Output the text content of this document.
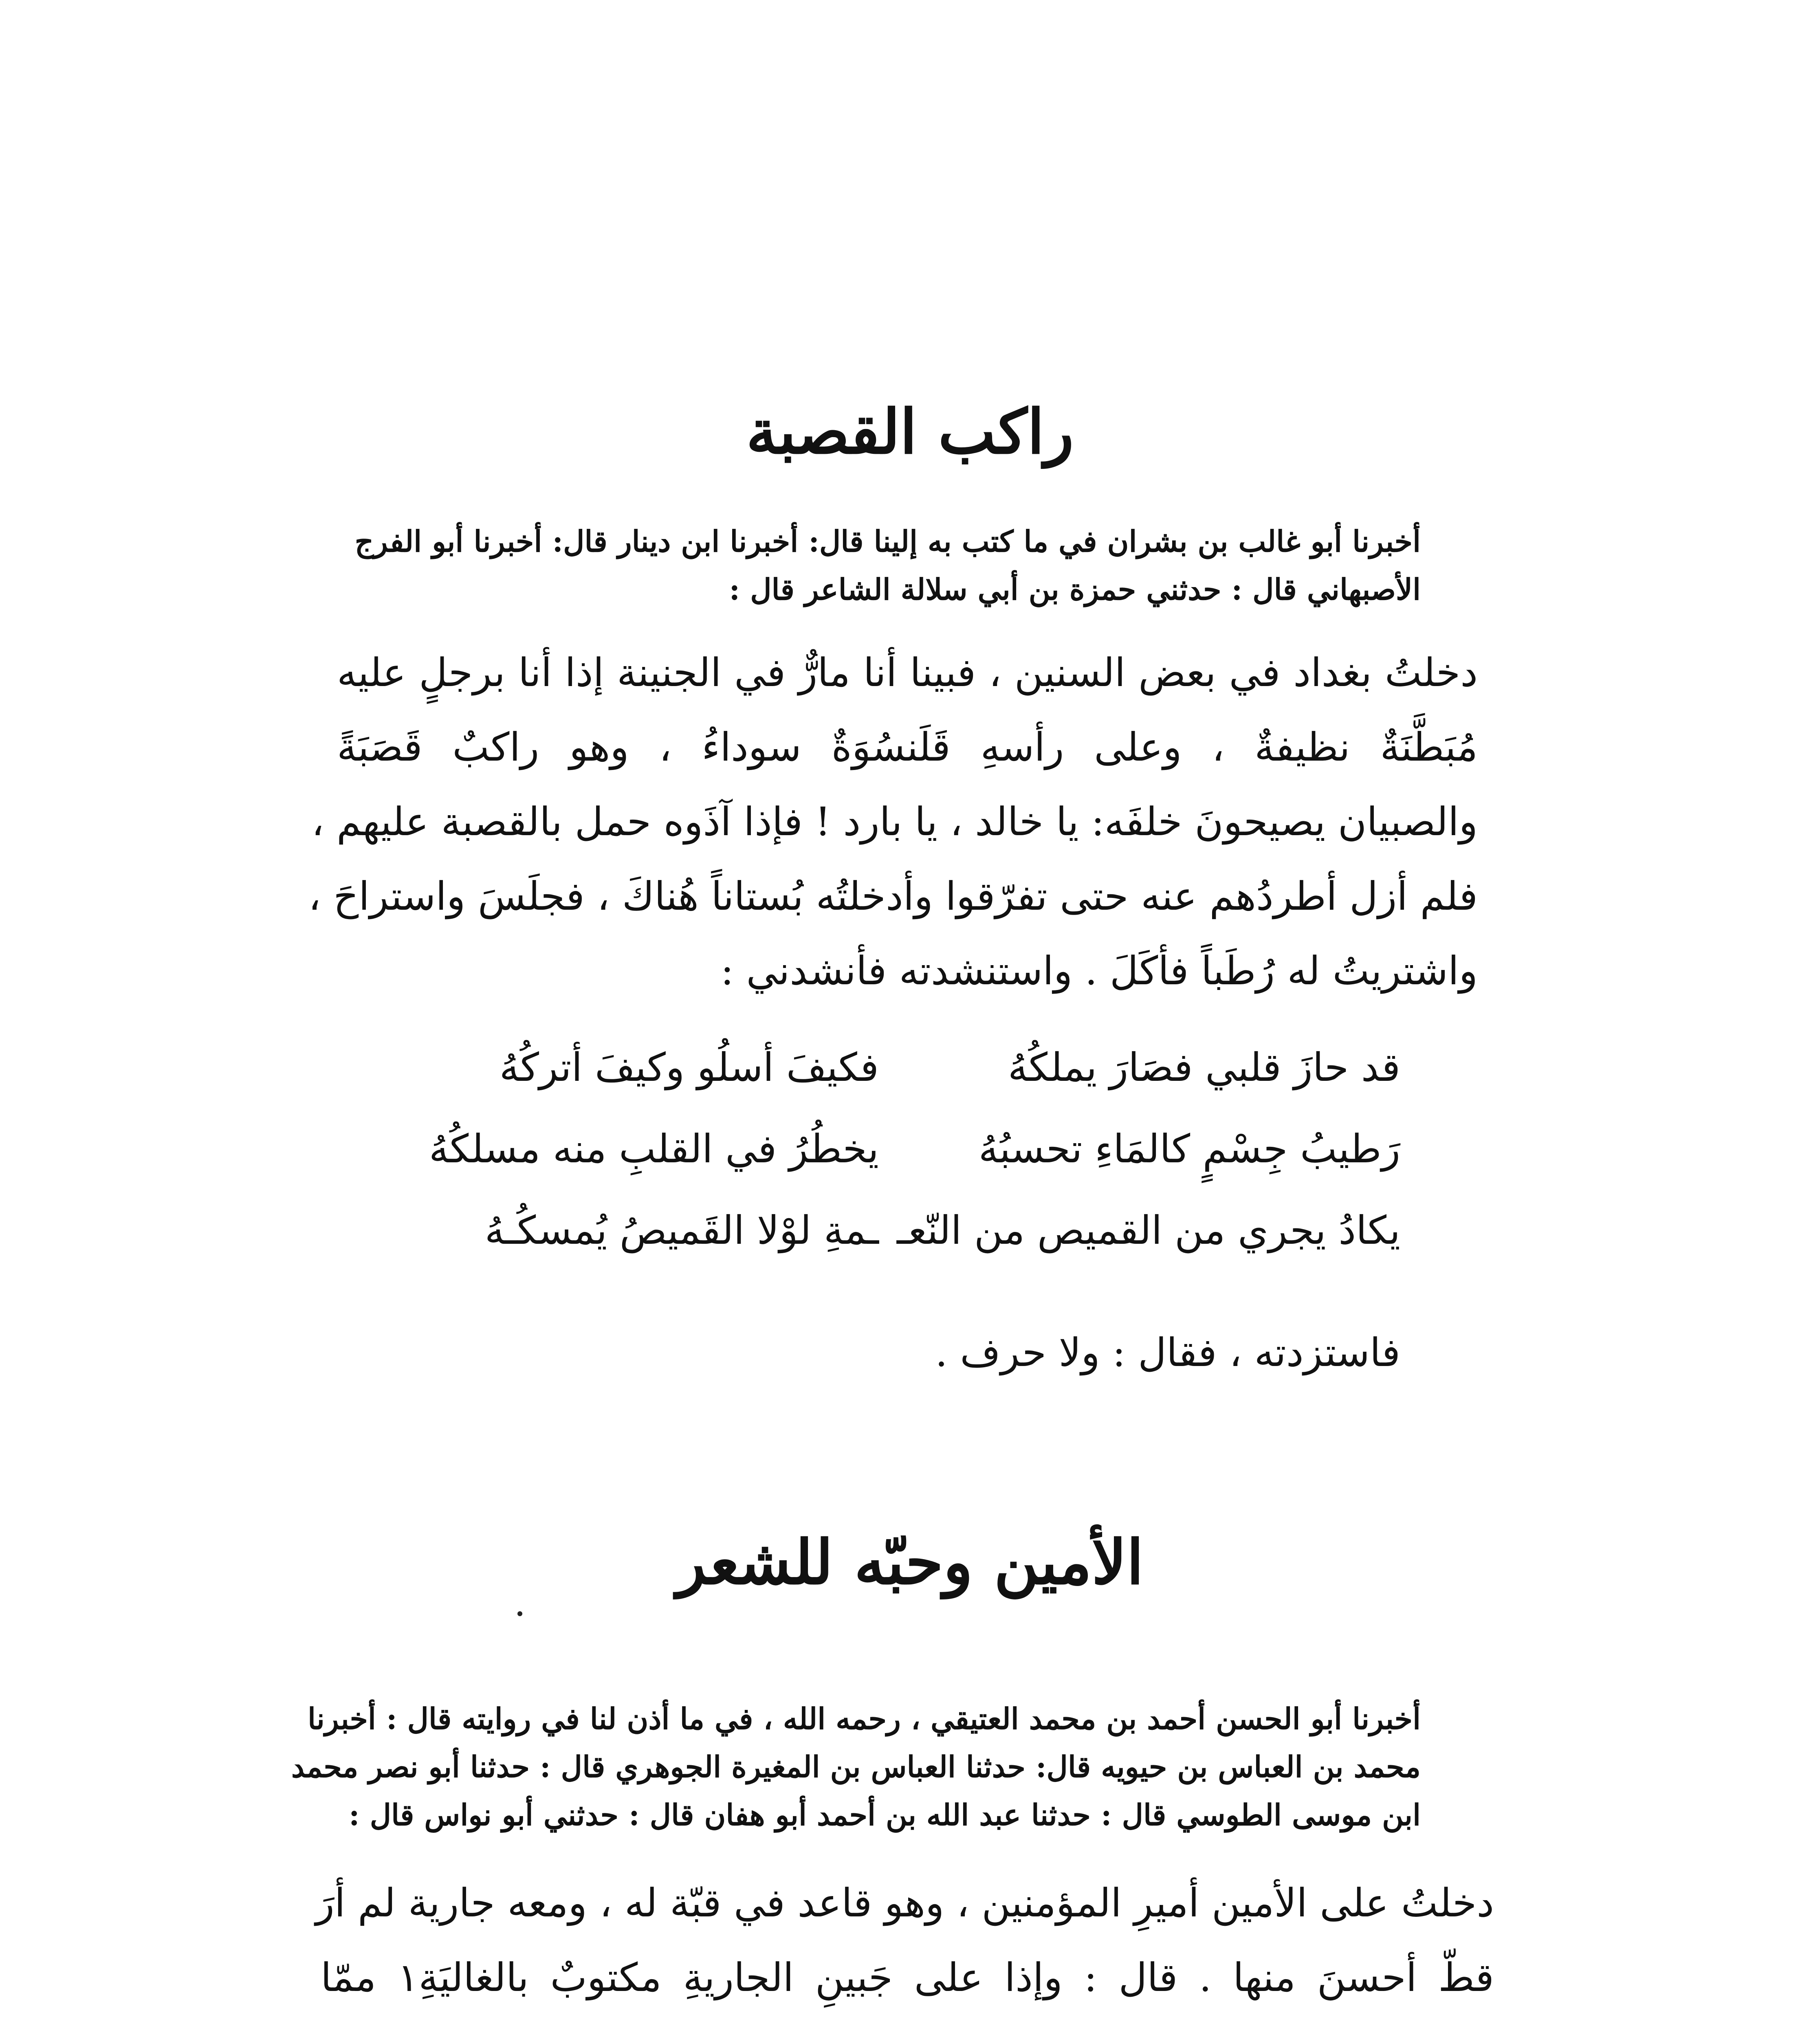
راكب القصبة
أخبرنا أبو غالب بن بشران في ما كتب به إلينا قال: أخبرنا ابن دينار قال: أخبرنا أبو الفرج
الأصبهاني قال : حدثني حمزة بن أبي سلالة الشاعر قال :
دخلتُ بغداد في بعض السنين ، فبينا أنا مارٌّ في الجنينة إذا أنا برجلٍ عليه
مُبَطَّنَةٌ نظيفةٌ ، وعلى رأسهِ قَلَنسُوَةٌ سوداءُ ، وهو راكبٌ قَصَبَةً
والصبيان يصيحونَ خلفَه: يا خالد ، يا بارد ! فإذا آذَوه حمل بالقصبة عليهم ،
فلم أزل أطردُهم عنه حتى تفرّقوا وأدخلتُه بُستاناً هُناكَ ، فجلَسَ واستراحَ ،
واشتريتُ له رُطَباً فأكَلَ . واستنشدته فأنشدني :
قد حازَ قلبي فصَارَ يملكُهُ
فكيفَ أسلُو وكيفَ أتركُهُ
رَطيبُ جِسْمٍ كالمَاءِ تحسبُهُ
يخطُرُ في القلبِ منه مسلكُهُ
يكادُ يجري من القميص من النّعـ
ـمةِ لوْلا القَميصُ يُمسكُـهُ
فاستزدته ، فقال : ولا حرف .
الأمين وحبّه للشعر
أخبرنا أبو الحسن أحمد بن محمد العتيقي ، رحمه الله ، في ما أذن لنا في روايته قال : أخبرنا
محمد بن العباس بن حيويه قال: حدثنا العباس بن المغيرة الجوهري قال : حدثنا أبو نصر محمد
ابن موسى الطوسي قال : حدثنا عبد الله بن أحمد أبو هفان قال : حدثني أبو نواس قال :
دخلتُ على الأمين أميرِ المؤمنين ، وهو قاعد في قبّة له ، ومعه جارية لم أرَ
قطّ أحسنَ منها . قال : وإذا على جَبينِ الجاريةِ مكتوبٌ بالغاليَةِ١ ممّا
